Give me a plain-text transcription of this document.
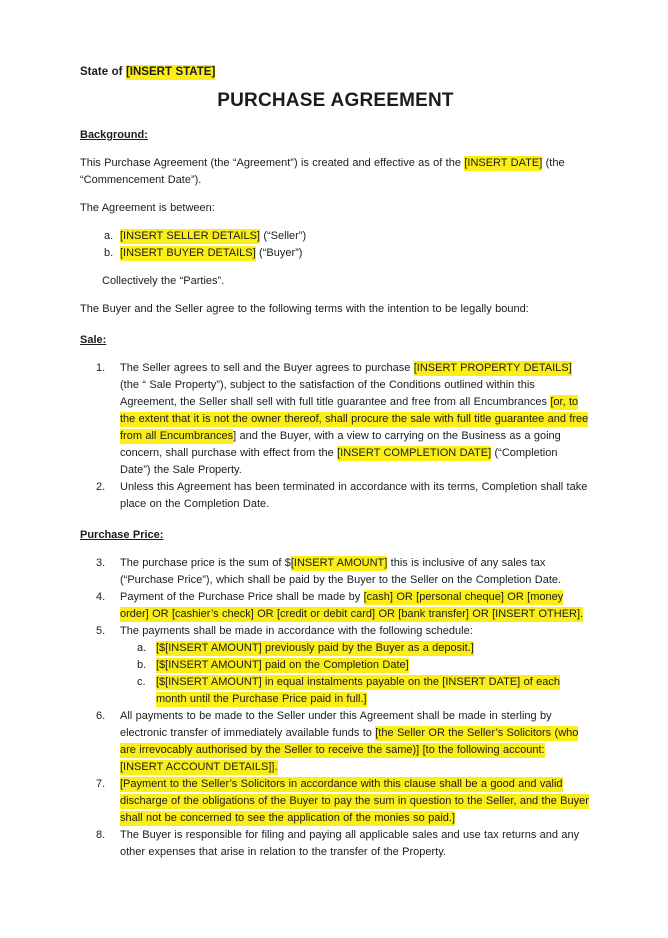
State of [INSERT STATE]
PURCHASE AGREEMENT
Background:
This Purchase Agreement (the “Agreement”) is created and effective as of the [INSERT DATE] (the “Commencement Date”).
The Agreement is between:
a. [INSERT SELLER DETAILS] (“Seller”)
b. [INSERT BUYER DETAILS] (“Buyer”)
Collectively the “Parties”.
The Buyer and the Seller agree to the following terms with the intention to be legally bound:
Sale:
1. The Seller agrees to sell and the Buyer agrees to purchase [INSERT PROPERTY DETAILS] (the “ Sale Property”), subject to the satisfaction of the Conditions outlined within this Agreement, the Seller shall sell with full title guarantee and free from all Encumbrances [or, to the extent that it is not the owner thereof, shall procure the sale with full title guarantee and free from all Encumbrances] and the Buyer, with a view to carrying on the Business as a going concern, shall purchase with effect from the [INSERT COMPLETION DATE] (“Completion Date”) the Sale Property.
2. Unless this Agreement has been terminated in accordance with its terms, Completion shall take place on the Completion Date.
Purchase Price:
3. The purchase price is the sum of $[INSERT AMOUNT] this is inclusive of any sales tax (“Purchase Price”), which shall be paid by the Buyer to the Seller on the Completion Date.
4. Payment of the Purchase Price shall be made by [cash] OR [personal cheque] OR [money order] OR [cashier’s check] OR [credit or debit card] OR [bank transfer] OR [INSERT OTHER].
5. The payments shall be made in accordance with the following schedule:
a. [$[INSERT AMOUNT] previously paid by the Buyer as a deposit.]
b. [$[INSERT AMOUNT] paid on the Completion Date]
c. [$[INSERT AMOUNT] in equal instalments payable on the [INSERT DATE] of each month until the Purchase Price paid in full.]
6. All payments to be made to the Seller under this Agreement shall be made in sterling by electronic transfer of immediately available funds to [the Seller OR the Seller’s Solicitors (who are irrevocably authorised by the Seller to receive the same)] [to the following account: [INSERT ACCOUNT DETAILS]].
7. [Payment to the Seller’s Solicitors in accordance with this clause shall be a good and valid discharge of the obligations of the Buyer to pay the sum in question to the Seller, and the Buyer shall not be concerned to see the application of the monies so paid.]
8. The Buyer is responsible for filing and paying all applicable sales and use tax returns and any other expenses that arise in relation to the transfer of the Property.
